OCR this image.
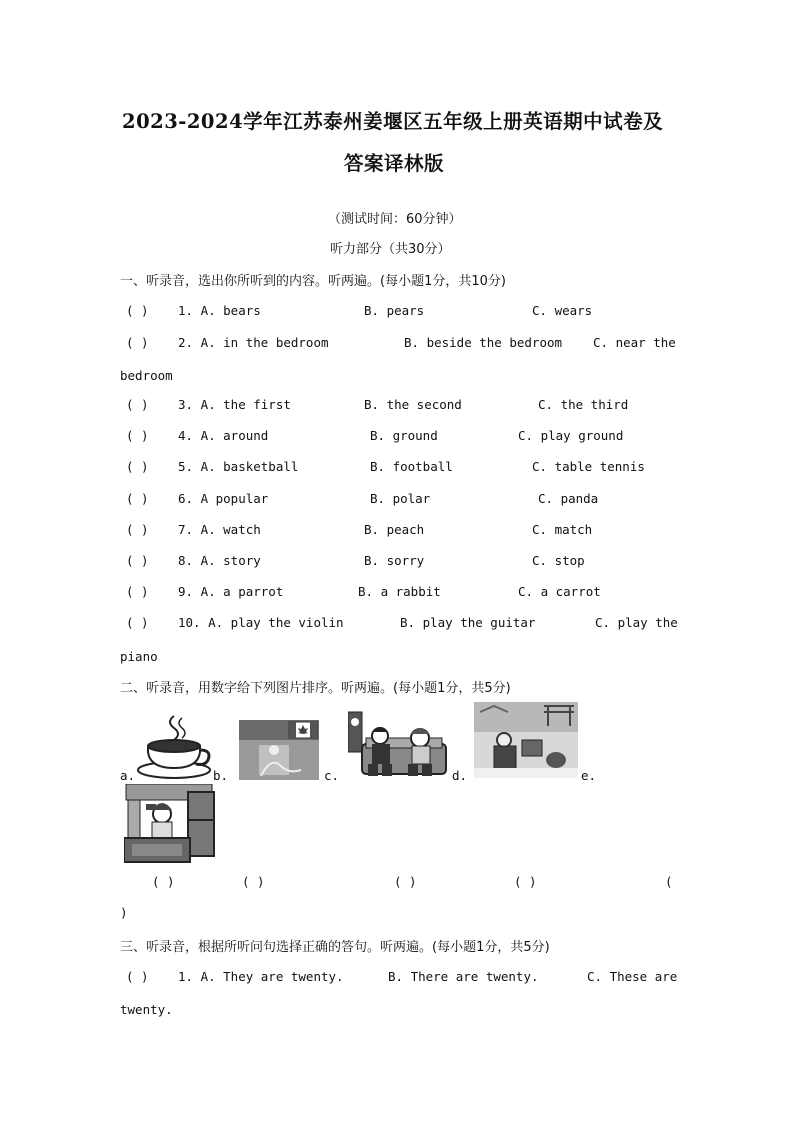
2023-2024学年江苏泰州姜堰区五年级上册英语期中试卷及
答案译林版
（测试时间：60分钟）
听力部分（共30分）
一、听录音，选出你所听到的内容。听两遍。(每小题1分，共10分)
( ) 1. A. bears	B. pears	C. wears
( ) 2. A. in the bedroom	B. beside the bedroom C. near the
bedroom
( ) 3. A. the first	B. the second	C. the third
( ) 4. A. around	B. ground	C. play ground
( ) 5. A. basketball	B. football	C. table tennis
( ) 6. A popular	B. polar	C. panda
( ) 7. A. watch	B. peach	C. match
( ) 8. A. story	B. sorry	C. stop
( ) 9. A. a parrot	B. a rabbit	C. a carrot
( ) 10. A. play the violin	B. play the guitar	C. play the
piano
二、听录音，用数字给下列图片排序。听两遍。(每小题1分，共5分)
a.	b.	c.	d.	e.
( )	( )	( )	( )	(
)
三、听录音，根据所听问句选择正确的答句。听两遍。(每小题1分，共5分)
( ) 1. A. They are twenty.	B. There are twenty.	C. These are
twenty.
